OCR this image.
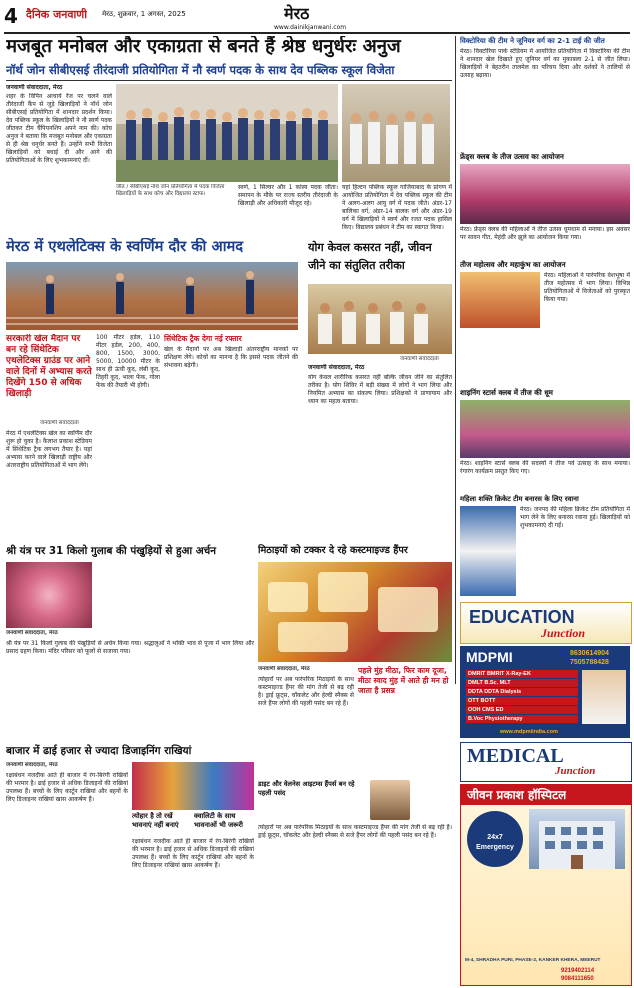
4 दैनिक जनवाणी मेरठ, शुक्रवार, 1 अगस्त, 2025	मेरठ
www.dainikjanwani.com
मजबूत मनोबल और एकाग्रता से बनते हैं श्रेष्ठ धनुर्धरः अनुज
नॉर्थ जोन सीबीएसई तीरंदाजी प्रतियोगिता में नौ स्वर्ण पदक के साथ देव पब्लिक स्कूल विजेता
जनवाणी संवाददाता, मेरठ
शहर के विपिन आचार्य रेंज पर चलने वाले तीरंदाजी कैंप से जुड़े खिलाड़ियों ने नॉर्थ जोन सीबीएसई प्रतियोगिता में शानदार प्रदर्शन किया। देव पब्लिक स्कूल के खिलाड़ियों ने नौ स्वर्ण पदक जीतकर टीम चैंपियनशिप अपने नाम की। कोच अनुज ने बताया कि मजबूत मनोबल और एकाग्रता से ही श्रेष्ठ धनुर्धर बनते हैं। उन्होंने सभी विजेता खिलाड़ियों को बधाई दी और आगे की प्रतियोगिताओं के लिए शुभकामनाएं दीं।
जीत / सीबीएसई नॉर्थ जोन प्रतियोगिता में पदक विजेता खिलाड़ियों के साथ कोच और विद्यालय स्टाफ।
स्वर्ण, 1 सिल्वर और 1 कांस्य पदक जीता। समापन के मौके पर राज्य स्तरीय तीरंदाजी के खिलाड़ी और अधिकारी मौजूद रहे।
यहां हिल्टन पब्लिक स्कूल गाजियाबाद के प्रांगण में आयोजित प्रतियोगिता में देव पब्लिक स्कूल की टीम ने अलग-अलग आयु वर्ग में पदक जीते। अंडर-17 बालिका वर्ग, अंडर-14 बालक वर्ग और अंडर-19 वर्ग में खिलाड़ियों ने स्वर्ण और रजत पदक हासिल किए। विद्यालय प्रबंधन ने टीम का स्वागत किया।
मेरठ में एथलेटिक्स के स्वर्णिम दौर की आमद
सरकारी खेल मैदान पर बन रहे सिंथेटिक एथलेटिक्स ग्राउंड पर आने वाले दिनों में अभ्यास करते दिखेंगे 150 से अधिक खिलाड़ी
जनवाणी संवाददाता
मेरठ में एथलेटिक्स खेल का स्वर्णिम दौर शुरू हो चुका है। कैलाश प्रकाश स्टेडियम में सिंथेटिक ट्रैक लगभग तैयार है। यहां अभ्यास करने वाले खिलाड़ी राष्ट्रीय और अंतरराष्ट्रीय प्रतियोगिताओं में भाग लेंगे।
100 मीटर हर्डल, 110 मीटर हर्डल, 200, 400, 800, 1500, 3000, 5000, 10000 मीटर के साथ ही ऊंची कूद, लंबी कूद, तिहरी कूद, भाला फेंक, गोला फेंक की तैयारी भी होगी।
सिंथेटिक ट्रैक देगा नई रफ्तार
खेल के मैदानों पर अब खिलाड़ी अंतरराष्ट्रीय मानकों पर प्रशिक्षण लेंगे। कोचों का मानना है कि इससे पदक जीतने की संभावना बढ़ेगी।
योग केवल कसरत नहीं, जीवन
जीने का संतुलित तरीका
जनवाणी संवाददाता
जनवाणी संवाददाता, मेरठ
योग केवल शारीरिक कसरत नहीं बल्कि जीवन जीने का संतुलित तरीका है। योग शिविर में बड़ी संख्या में लोगों ने भाग लिया और नियमित अभ्यास का संकल्प लिया। प्रशिक्षकों ने प्राणायाम और ध्यान का महत्व बताया।
श्री यंत्र पर 31 किलो गुलाब की पंखुड़ियों से हुआ अर्चन
जनवाणी संवाददाता, मेरठ
श्री यंत्र पर 31 किलो गुलाब की पंखुड़ियों से अर्चन किया गया। श्रद्धालुओं ने भक्ति भाव से पूजा में भाग लिया और प्रसाद ग्रहण किया। मंदिर परिसर को फूलों से सजाया गया।
मिठाइयों को टक्कर दे रहे कस्टमाइज्ड हैंपर
पहले मुंह मीठा, फिर काम दूजा, मीठा स्वाद मुंह में आते ही मन हो जाता है प्रसन्न
जनवाणी संवाददाता, मेरठ
त्योहारों पर अब पारंपरिक मिठाइयों के साथ कस्टमाइज्ड हैंपर की मांग तेजी से बढ़ रही है। ड्राई फ्रूट्स, चॉकलेट और हेल्दी स्नैक्स से सजे हैंपर लोगों की पहली पसंद बन रहे हैं।
डाइट और वेलनेस आइटम्स हैंपर्स बन रहे पहली पसंद
त्योहारों पर अब पारंपरिक मिठाइयों के साथ कस्टमाइज्ड हैंपर की मांग तेजी से बढ़ रही है। ड्राई फ्रूट्स, चॉकलेट और हेल्दी स्नैक्स से सजे हैंपर लोगों की पहली पसंद बन रहे हैं।
बाजार में ढाई हजार से ज्यादा डिजाइनिंग राखियां
जनवाणी संवाददाता, मेरठ
रक्षाबंधन नजदीक आते ही बाजार में रंग-बिरंगी राखियों की भरमार है। ढाई हजार से अधिक डिजाइनों की राखियां उपलब्ध हैं। बच्चों के लिए कार्टून राखियां और बहनों के लिए डिजाइनर राखियां खास आकर्षण हैं।
त्योहार है तो रखें भावनाएं नहीं बनाएं
क्वालिटी के साथ भावनाओं भी जरूरी
रक्षाबंधन नजदीक आते ही बाजार में रंग-बिरंगी राखियों की भरमार है। ढाई हजार से अधिक डिजाइनों की राखियां उपलब्ध हैं। बच्चों के लिए कार्टून राखियां और बहनों के लिए डिजाइनर राखियां खास आकर्षण हैं।
विक्टोरिया की टीम ने जूनियर वर्ग का 2-1 टाई की जीत
मेरठ। विक्टोरिया पार्क स्टेडियम में आयोजित प्रतियोगिता में विक्टोरिया की टीम ने शानदार खेल दिखाते हुए जूनियर वर्ग का मुकाबला 2-1 से जीत लिया। खिलाड़ियों ने बेहतरीन तालमेल का परिचय दिया और दर्शकों ने तालियों से उत्साह बढ़ाया।
फ्रेंड्स क्लब के तीज उत्सव का आयोजन
मेरठ। फ्रेंड्स क्लब की महिलाओं ने तीज उत्सव धूमधाम से मनाया। इस अवसर पर सावन गीत, मेहंदी और झूले का आयोजन किया गया।
तीज महोत्सव और महाकुंभ का आयोजन
मेरठ। महिलाओं ने पारंपरिक वेशभूषा में तीज महोत्सव में भाग लिया। विभिन्न प्रतियोगिताओं में विजेताओं को पुरस्कृत किया गया।
शाइनिंग स्टार्स क्लब में तीज की धूम
मेरठ। शाइनिंग स्टार्स क्लब की सदस्यों ने तीज पर्व उत्साह के साथ मनाया। रंगारंग कार्यक्रम प्रस्तुत किए गए।
महिला शक्ति क्रिकेट टीम बनारस के लिए रवाना
मेरठ। जनपद की महिला क्रिकेट टीम प्रतियोगिता में भाग लेने के लिए बनारस रवाना हुई। खिलाड़ियों को शुभकामनाएं दी गईं।
EDUCATION
Junction
MDPMI	8630614904
7505788428
DMRIT BMRIT X-Ray-EK
DMLT B.Sc. MLT
DDTA DDTA Dialysis
OTT BOTT
OOH CMS ED
B.Voc Physiotherapy
www.mdpmiindia.com
MEDICAL
Junction
जीवन प्रकाश हॉस्पिटल
24x7 Emergency
M-4, SHRADHA PURI, PHASE-2, KANKER KHERA, MEERUT
9219402114
9084111650
